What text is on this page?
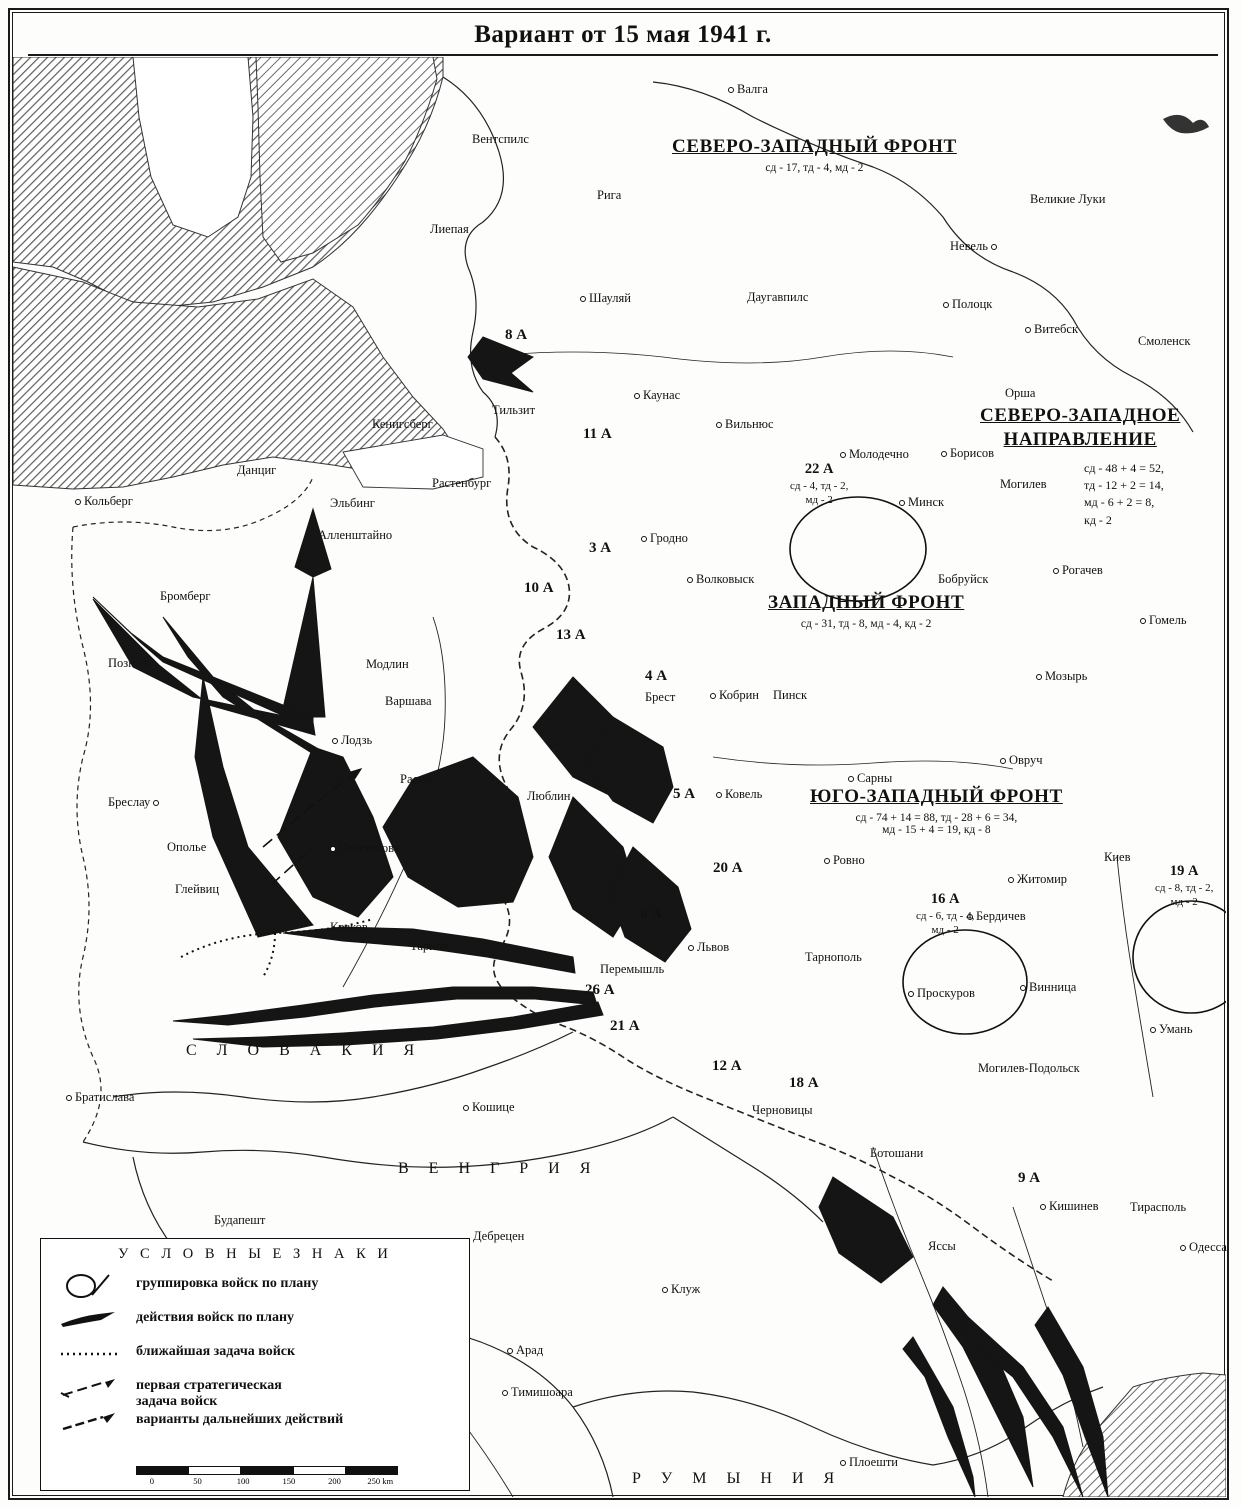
Вариант от 15 мая 1941 г.
Валга
Вентспилс
Рига	Великие Луки
Лиепая
Невель
Шауляй	Даугавпилс	Полоцк
Витебск
Смоленск
Каунас	Орша
Тильзит
Кенигсберг	Вильнюс
Молодечно	Борисов
Данциг
Растенбург	Могилев
Кольберг	Эльбинг	Минск
Алленштайно	Гродно
Рогачев
Волковыск	Бобруйск
Бромберг
Гомель
Познань	Модлин
Мозырь
Варшава	Брест	Кобрин Пинск
Лодзь
Овруч
Радом	Сарны
Бреслау	Люблин	Ковель
Ополье	Ченстохова
Ровно	Киев
Глейвиц
Житомир
Бердичев
Краков
Тарнов	Львов
Перемышль
Тарнополь
Винница
Проскуров
Умань
Могилев-Подольск
Черновицы
Братислава
Кошице
Ботошани
Кишинев	Тирасполь
Будапешт
Дебрецен
Яссы	Одесса
Клуж
Арад
Тимишоара
Плоешти
8 А
11 А
3 А
10 А
13 А
4 А
5 А
20 А
6 А
26 А
21 А
12 А
18 А
9 А
22 А
сд - 4, тд - 2,
мд - 2
16 А
сд - 6, тд - 4,
мд - 2
19 А
сд - 8, тд - 2,
мд - 2
С Л О В А К И Я
В Е Н Г Р И Я
Р У М Ы Н И Я
СЕВЕРО-ЗАПАДНЫЙ ФРОНТ
сд - 17, тд - 4, мд - 2
ЗАПАДНЫЙ ФРОНТ
сд - 31, тд - 8, мд - 4, кд - 2
ЮГО-ЗАПАДНЫЙ ФРОНТ
сд - 74 + 14 = 88, тд - 28 + 6 = 34,
мд - 15 + 4 = 19, кд - 8
СЕВЕРО-ЗАПАДНОЕ
НАПРАВЛЕНИЕ
сд - 48 + 4 = 52,
тд - 12 + 2 = 14,
мд - 6 + 2 = 8,
кд - 2
У С Л О В Н Ы Е З Н А К И
группировка войск по плану
действия войск по плану
ближайшая задача войск
первая стратегическая
задача войск
варианты дальнейших действий
0	50	100	150	200	250 km
